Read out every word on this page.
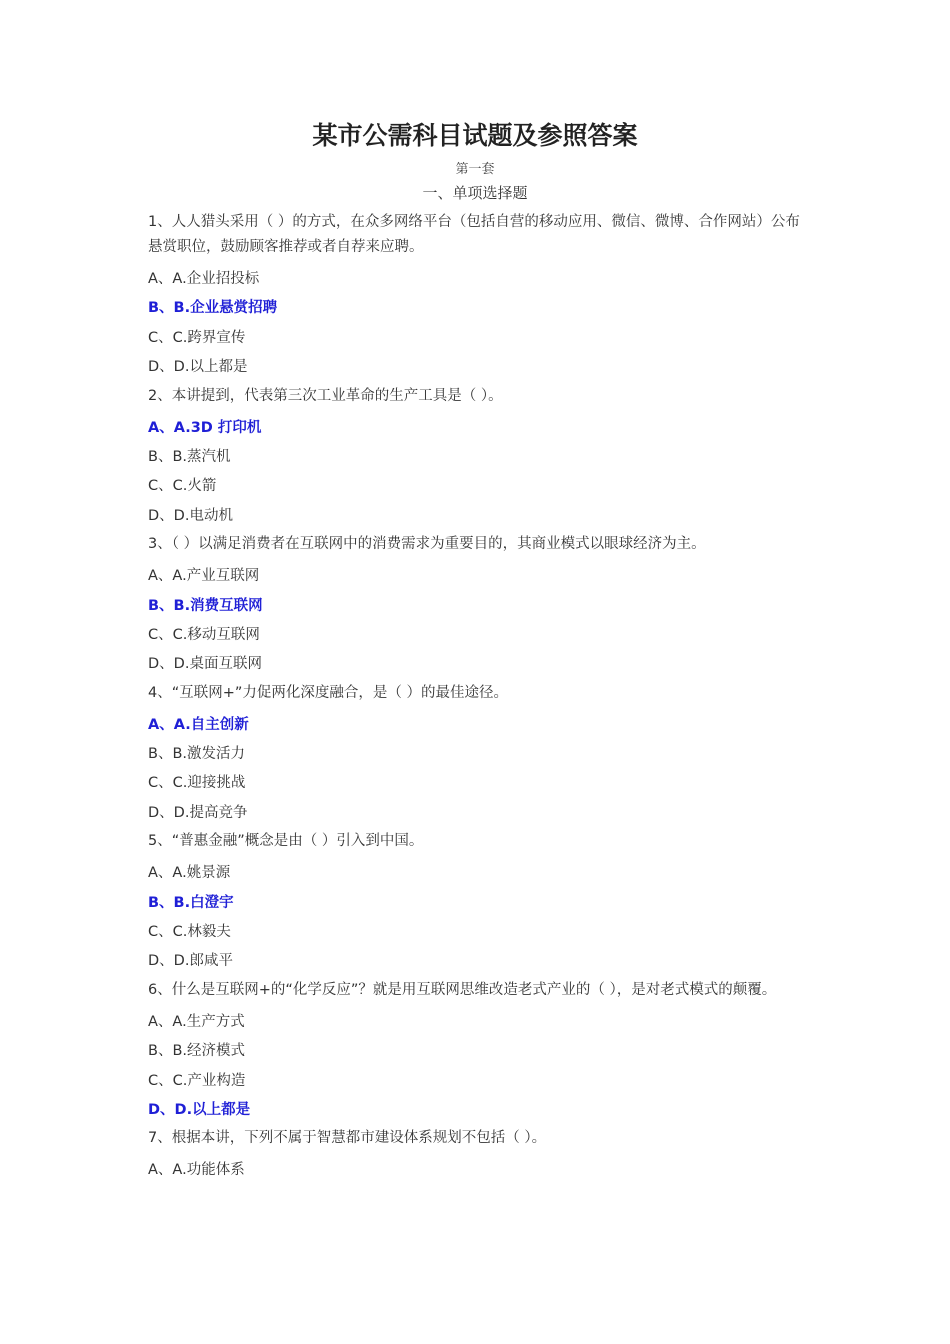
某市公需科目试题及参照答案
第一套
一、单项选择题
1、人人猎头采用（ ）的方式，在众多网络平台（包括自营的移动应用、微信、微博、合作网站）公布悬赏职位，鼓励顾客推荐或者自荐来应聘。
A、A.企业招投标
B、B.企业悬赏招聘
C、C.跨界宣传
D、D.以上都是
2、本讲提到，代表第三次工业革命的生产工具是（ ）。
A、A.3D 打印机
B、B.蒸汽机
C、C.火箭
D、D.电动机
3、（ ）以满足消费者在互联网中的消费需求为重要目的，其商业模式以眼球经济为主。
A、A.产业互联网
B、B.消费互联网
C、C.移动互联网
D、D.桌面互联网
4、“互联网+”力促两化深度融合，是（ ）的最佳途径。
A、A.自主创新
B、B.激发活力
C、C.迎接挑战
D、D.提高竞争
5、“普惠金融”概念是由（ ）引入到中国。
A、A.姚景源
B、B.白澄宇
C、C.林毅夫
D、D.郎咸平
6、什么是互联网+的“化学反应”？就是用互联网思维改造老式产业的（ ），是对老式模式的颠覆。
A、A.生产方式
B、B.经济模式
C、C.产业构造
D、D.以上都是
7、根据本讲，下列不属于智慧都市建设体系规划不包括（ ）。
A、A.功能体系
